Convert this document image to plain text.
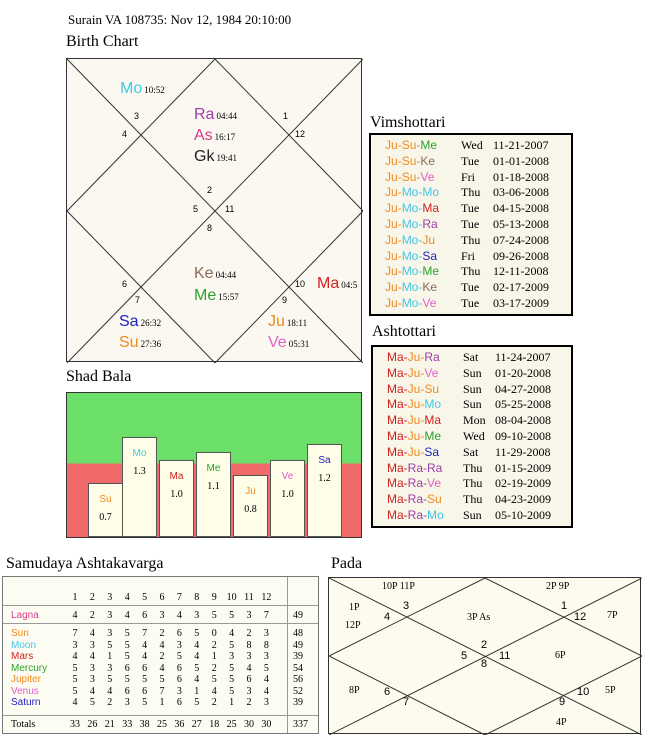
Surain VA 108735: Nov 12, 1984 20:10:00
Birth Chart
1
2
3
4
5
6
7
8
9
10
11
12
Mo 10:52
Ra 04:44
As 16:17
Gk 19:41
Ke 04:44
Me 15:57
Ma 04:5
Sa 26:32
Su 27:36
Ju 18:11
Ve 05:31
Vimshottari
Ju-Su-Me	Wed 11-21-2007
Ju-Su-Ke	Tue	01-01-2008
Ju-Su-Ve	Fri	01-18-2008
Ju-Mo-Mo	Thu	03-06-2008
Ju-Mo-Ma	Tue	04-15-2008
Ju-Mo-Ra	Tue	05-13-2008
Ju-Mo-Ju	Thu	07-24-2008
Ju-Mo-Sa	Fri	09-26-2008
Ju-Mo-Me	Thu	12-11-2008
Ju-Mo-Ke	Tue	02-17-2009
Ju-Mo-Ve	Tue	03-17-2009
Ashtottari
Ma-Ju-Ra	Sat	11-24-2007
Ma-Ju-Ve	Sun	01-20-2008
Ma-Ju-Su	Sun	04-27-2008
Ma-Ju-Mo	Sun	05-25-2008
Ma-Ju-Ma	Mon 08-04-2008
Ma-Ju-Me	Wed 09-10-2008
Ma-Ju-Sa	Sat	11-29-2008
Ma-Ra-Ra	Thu	01-15-2009
Ma-Ra-Ve	Thu	02-19-2009
Ma-Ra-Su	Thu	04-23-2009
Ma-Ra-Mo	Sun	05-10-2009
Shad Bala
Su
0.7
Mo
1.3	Ma
1.0
Me
1.1	Ju
0.8
Ve
1.0
Sa
1.2
Samudaya Ashtakavarga
1	2	3	4	5	6	7	8	9 10 11 12
Lagna	4	2	3	4	6	3	4	3	5	5	3	7	49
Sun	7	4	3	5	7	2	6	5	0	4	2	3	48
Moon	3	3	5	5	4	4	3	4	2	5	8	8	49
Mars	4	4	1	5	4	2	5	4	1	3	3	3	39
Mercury	5	3	3	6	6	4	6	5	2	5	4	5	54
Jupiter	5	3	5	5	5	5	6	4	5	5	6	4	56
Venus	5	4	4	6	6	7	3	1	4	5	3	4	52
Saturn	4	5	2	3	5	1	6	5	2	1	2	3	39
Totals	33 26 21 33 38 25 36 27 18 25 30 30	337
Pada
10P 11P	2P 9P
1P
12P
3P As	7P
6P
8P	5P
4P
1
2
3
4
5
6
7
8
9
10
11
12
